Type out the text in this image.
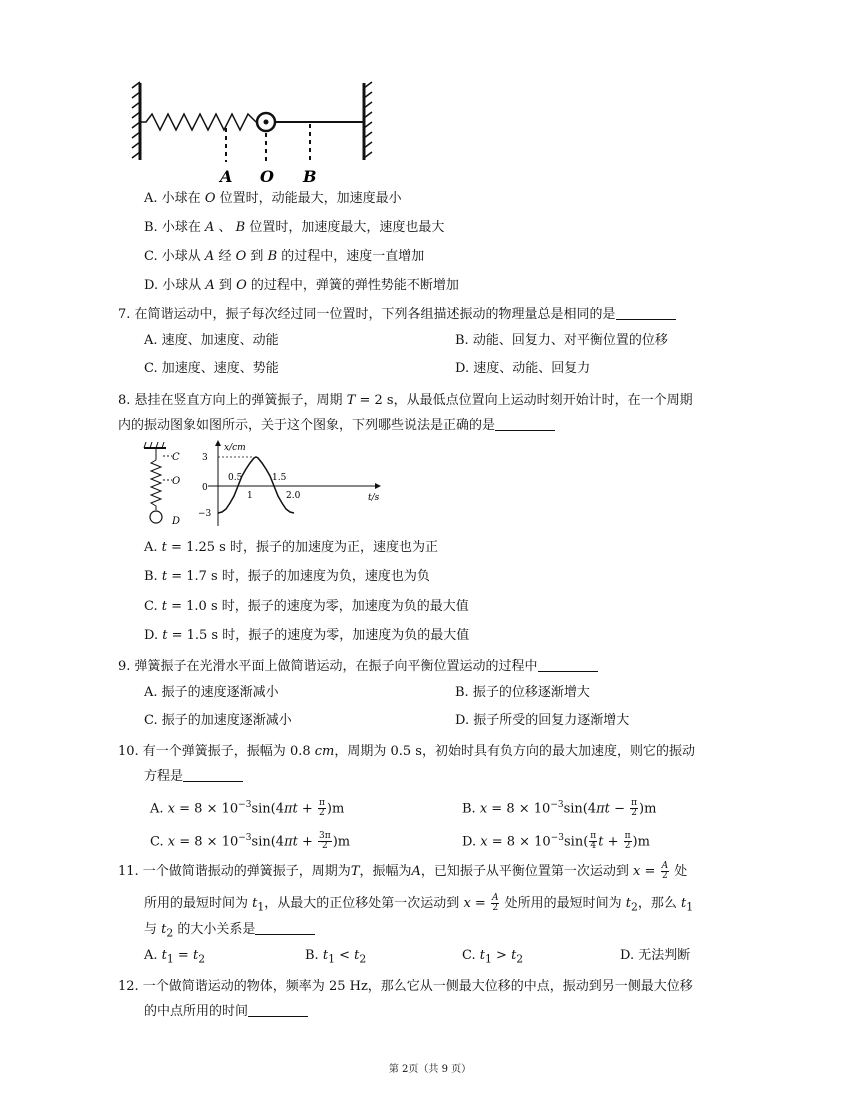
A O B
A. 小球在 O 位置时，动能最大，加速度最小
B. 小球在 A 、 B 位置时，加速度最大，速度也最大
C. 小球从 A 经 O 到 B 的过程中，速度一直增加
D. 小球从 A 到 O 的过程中，弹簧的弹性势能不断增加
7. 在简谐运动中，振子每次经过同一位置时，下列各组描述振动的物理量总是相同的是
A. 速度、加速度、动能	B. 动能、回复力、对平衡位置的位移
C. 加速度、速度、势能	D. 速度、动能、回复力
8. 悬挂在竖直方向上的弹簧振子，周期 T = 2 s，从最低点位置向上运动时刻开始计时，在一个周期
内的振动图象如图所示，关于这个图象，下列哪些说法是正确的是
C
O
D
x/cm
t/s
3
0
−3
0.5
1
1.5
2.0
A. t = 1.25 s 时，振子的加速度为正，速度也为正
B. t = 1.7 s 时，振子的加速度为负，速度也为负
C. t = 1.0 s 时，振子的速度为零，加速度为负的最大值
D. t = 1.5 s 时，振子的速度为零，加速度为负的最大值
9. 弹簧振子在光滑水平面上做简谐运动，在振子向平衡位置运动的过程中
A. 振子的速度逐渐减小	B. 振子的位移逐渐增大
C. 振子的加速度逐渐减小	D. 振子所受的回复力逐渐增大
10. 有一个弹簧振子，振幅为 0.8 cm，周期为 0.5 s，初始时具有负方向的最大加速度，则它的振动
方程是
A. $x = 8 \times 10^{-3}\sin(4\pi t + \frac{\pi}{2} )m$	B. $x = 8 \times 10^{-3}\sin(4\pi t - \frac{\pi}{2} )m$
C. $x = 8 \times 10^{-3}\sin(4\pi t + \frac{3\pi}{2} )m$	D. $x = 8 \times 10^{-3}\sin( \frac{\pi}{4}$ $t + \frac{\pi}{2} )m$
11. 一个做简谐振动的弹簧振子，周期为T，振幅为A，已知振子从平衡位置第一次运动到 $x = \frac{A}{2}$ 处
所用的最短时间为 $t_1$，从最大的正位移处第一次运动到 $x = \frac{A}{2}$ 处所用的最短时间为 $t_2$，那么 $t_1$
与 $t_2$ 的大小关系是
A. $t_1 = t_2$	B. $t_1 < t_2$	C. $t_1 > t_2$	D. 无法判断
12. 一个做简谐运动的物体，频率为 25 Hz，那么它从一侧最大位移的中点，振动到另一侧最大位移
的中点所用的时间
第 2页（共 9 页）
